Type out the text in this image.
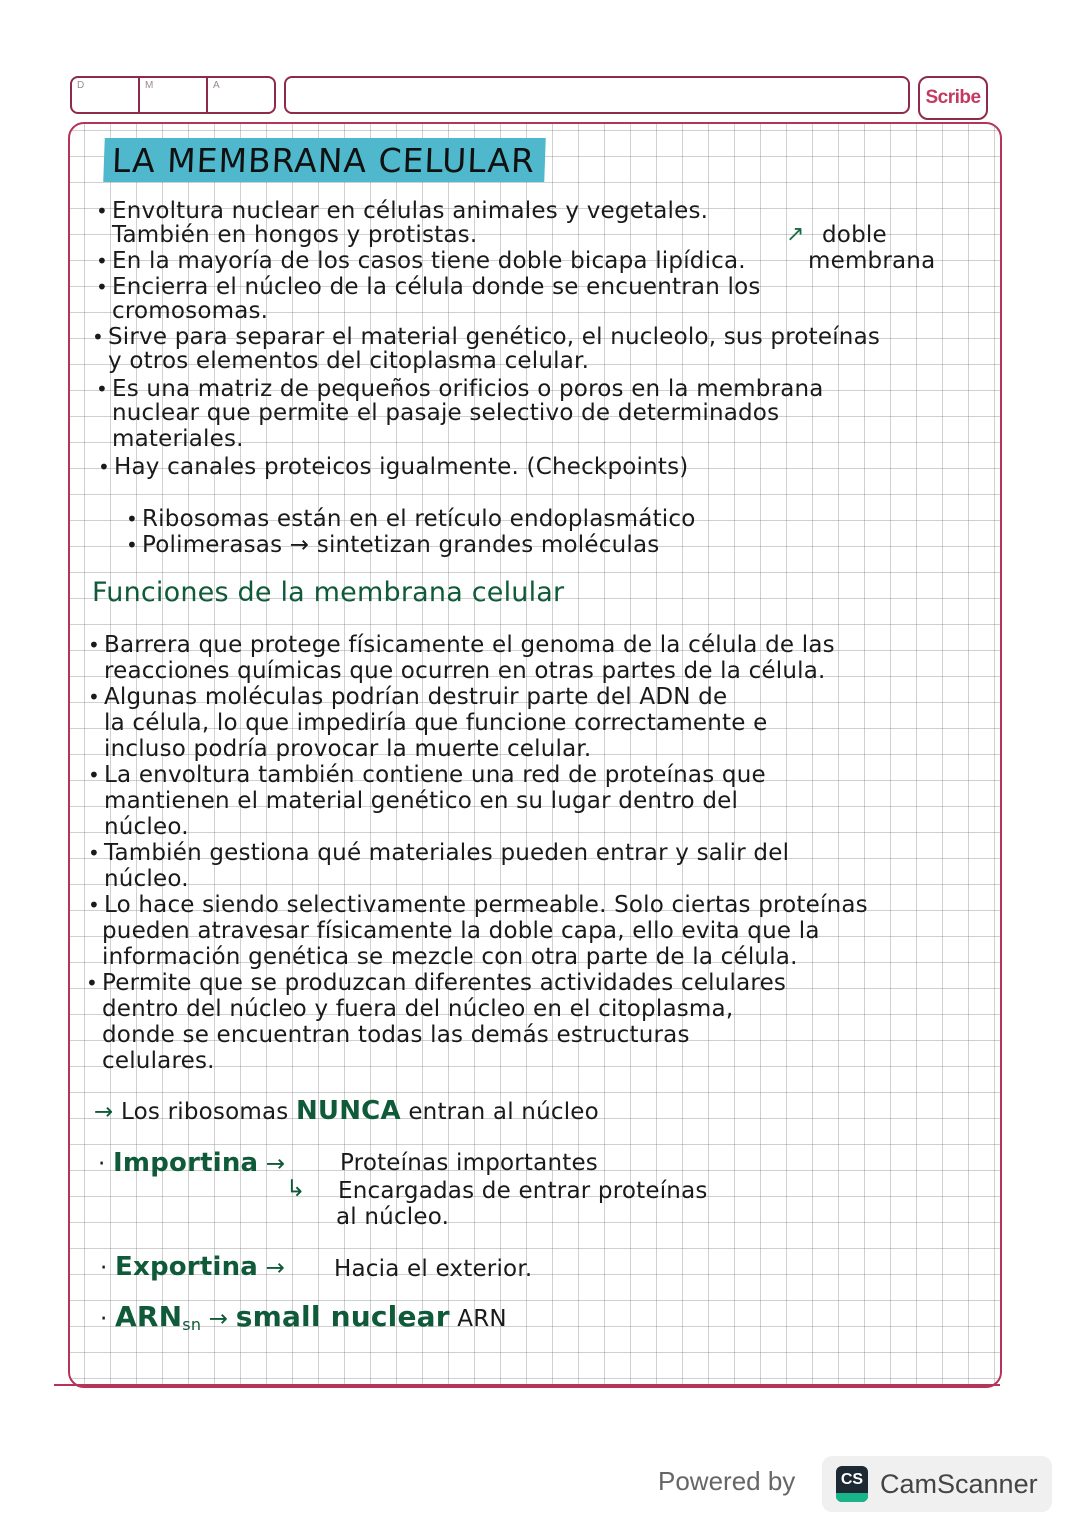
D	M	A
Scribe
LA MEMBRANA CELULAR
• Envoltura nuclear en células animales y vegetales.
También en hongos y protistas.
• En la mayoría de los casos tiene doble bicapa lipídica.
• Encierra el núcleo de la célula donde se encuentran los
cromosomas.
• Sirve para separar el material genético, el nucleolo, sus proteínas
y otros elementos del citoplasma celular.
• Es una matriz de pequeños orificios o poros en la membrana
nuclear que permite el pasaje selectivo de determinados
materiales.
• Hay canales proteicos igualmente. (Checkpoints)
↗ doble
membrana
• Ribosomas están en el retículo endoplasmático
• Polimerasas → sintetizan grandes moléculas
Funciones de la membrana celular
• Barrera que protege físicamente el genoma de la célula de las
reacciones químicas que ocurren en otras partes de la célula.
• Algunas moléculas podrían destruir parte del ADN de
la célula, lo que impediría que funcione correctamente e
incluso podría provocar la muerte celular.
• La envoltura también contiene una red de proteínas que
mantienen el material genético en su lugar dentro del
núcleo.
• También gestiona qué materiales pueden entrar y salir del
núcleo.
• Lo hace siendo selectivamente permeable. Solo ciertas proteínas
pueden atravesar físicamente la doble capa, ello evita que la
información genética se mezcle con otra parte de la célula.
• Permite que se produzcan diferentes actividades celulares
dentro del núcleo y fuera del núcleo en el citoplasma,
donde se encuentran todas las demás estructuras
celulares.
→ Los ribosomas NUNCA entran al núcleo
· Importina → Proteínas importantes
↳ Encargadas de entrar proteínas
al núcleo.
· Exportina → Hacia el exterior.
· $ARN_{sn}$ → small nuclear ARN
Powered by	CS CamScanner
